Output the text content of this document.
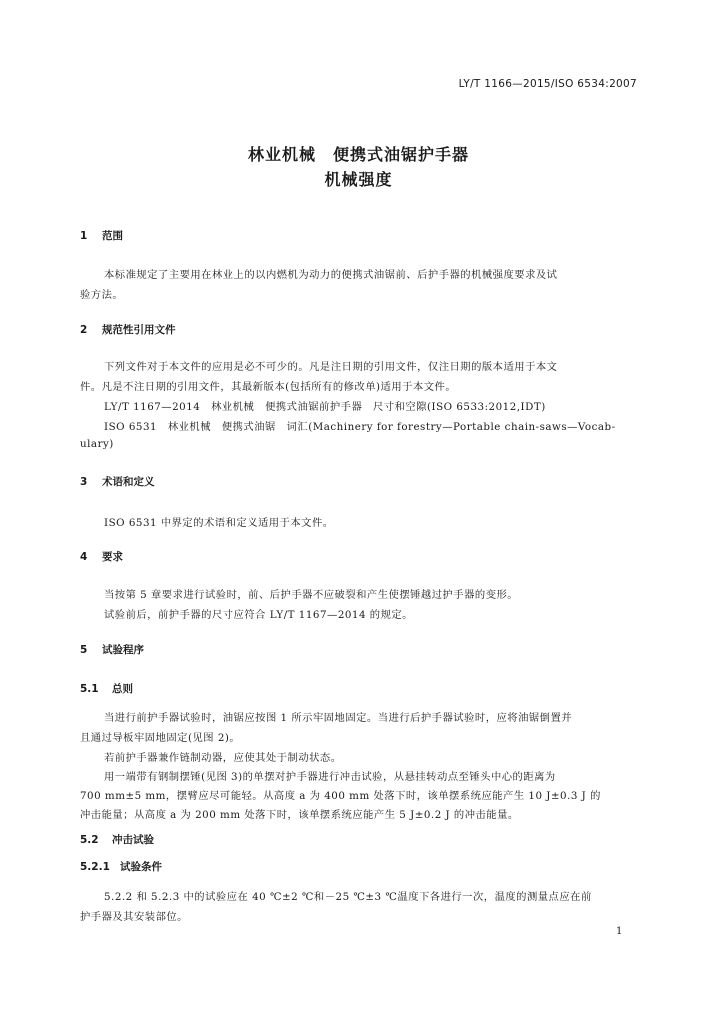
LY/T 1166—2015/ISO 6534:2007
林业机械　便携式油锯护手器
机械强度
1 范围
本标准规定了主要用在林业上的以内燃机为动力的便携式油锯前、后护手器的机械强度要求及试
验方法。
2 规范性引用文件
下列文件对于本文件的应用是必不可少的。凡是注日期的引用文件，仅注日期的版本适用于本文
件。凡是不注日期的引用文件，其最新版本(包括所有的修改单)适用于本文件。
LY/T 1167—2014　林业机械　便携式油锯前护手器　尺寸和空隙(ISO 6533:2012,IDT)
ISO 6531　林业机械　便携式油锯　词汇(Machinery for forestry—Portable chain-saws—Vocab-
ulary)
3 术语和定义
ISO 6531 中界定的术语和定义适用于本文件。
4 要求
当按第 5 章要求进行试验时，前、后护手器不应破裂和产生使摆锤越过护手器的变形。
试验前后，前护手器的尺寸应符合 LY/T 1167—2014 的规定。
5 试验程序
5.1 总则
当进行前护手器试验时，油锯应按图 1 所示牢固地固定。当进行后护手器试验时，应将油锯倒置并
且通过导板牢固地固定(见图 2)。
若前护手器兼作链制动器，应使其处于制动状态。
用一端带有钢制摆锤(见图 3)的单摆对护手器进行冲击试验，从悬挂转动点至锤头中心的距离为
700 mm±5 mm，摆臂应尽可能轻。从高度 a 为 400 mm 处落下时，该单摆系统应能产生 10 J±0.3 J 的
冲击能量；从高度 a 为 200 mm 处落下时，该单摆系统应能产生 5 J±0.2 J 的冲击能量。
5.2 冲击试验
5.2.1 试验条件
5.2.2 和 5.2.3 中的试验应在 40 ℃±2 ℃和－25 ℃±3 ℃温度下各进行一次，温度的测量点应在前
护手器及其安装部位。
1
